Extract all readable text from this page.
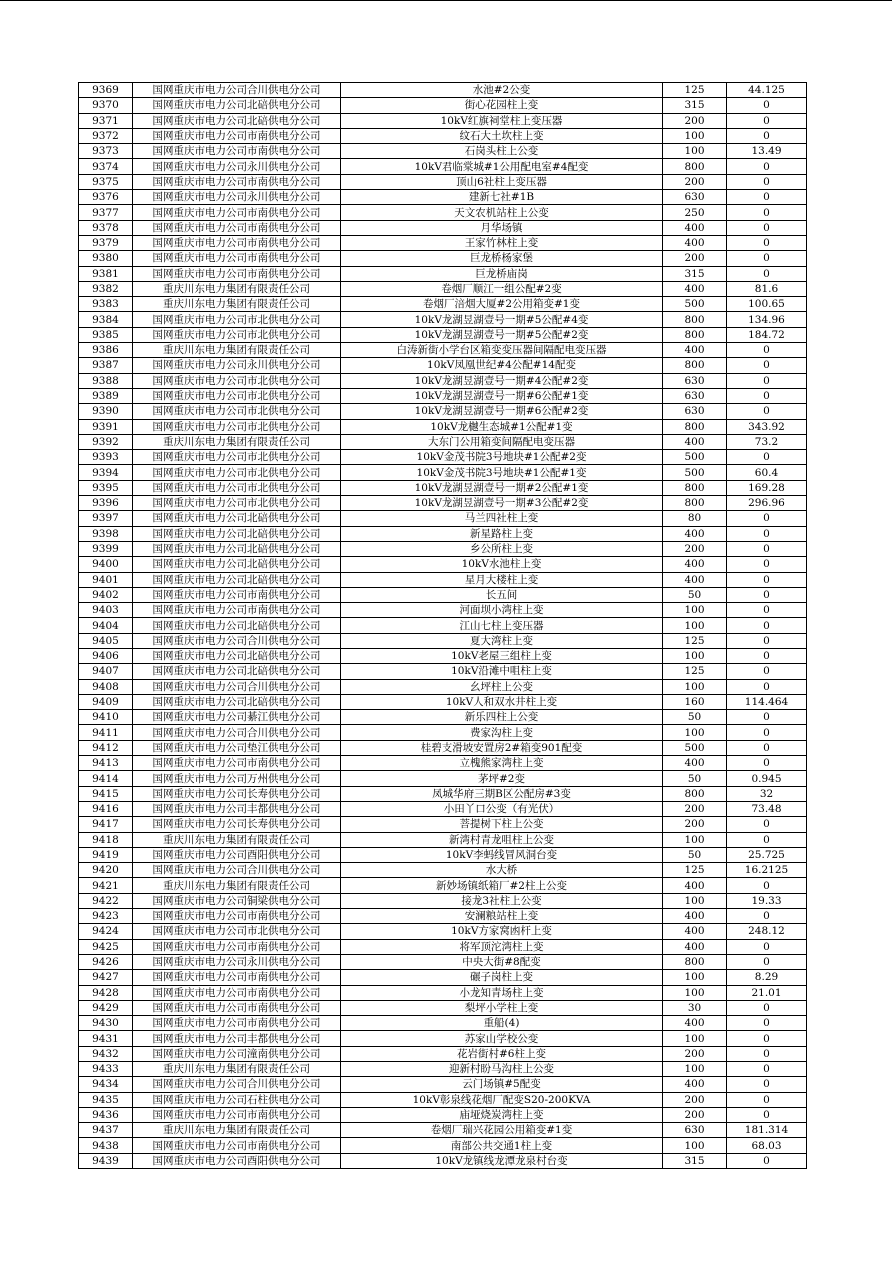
9369	国网重庆市电力公司合川供电分公司	水池#2公变	125	44.125
9370	国网重庆市电力公司北碚供电分公司	街心花园柱上变	315	0
9371	国网重庆市电力公司北碚供电分公司	10kV红旗祠堂柱上变压器	200	0
9372	国网重庆市电力公司市南供电分公司	纹石大土坎柱上变	100	0
9373	国网重庆市电力公司市南供电分公司	石岗头柱上公变	100	13.49
9374	国网重庆市电力公司永川供电分公司	10kV君临棠城#1公用配电室#4配变	800	0
9375	国网重庆市电力公司市南供电分公司	顶山6社柱上变压器	200	0
9376	国网重庆市电力公司永川供电分公司	建新七社#1B	630	0
9377	国网重庆市电力公司市南供电分公司	天文农机站柱上公变	250	0
9378	国网重庆市电力公司市南供电分公司	月华场镇	400	0
9379	国网重庆市电力公司市南供电分公司	王家竹林柱上变	400	0
9380	国网重庆市电力公司市南供电分公司	巨龙桥杨家堡	200	0
9381	国网重庆市电力公司市南供电分公司	巨龙桥庙岗	315	0
9382	重庆川东电力集团有限责任公司	卷烟厂顺江一组公配#2变	400	81.6
9383	重庆川东电力集团有限责任公司	卷烟厂涪烟大厦#2公用箱变#1变	500	100.65
9384	国网重庆市电力公司市北供电分公司	10kV龙湖昱湖壹号一期#5公配#4变	800	134.96
9385	国网重庆市电力公司市北供电分公司	10kV龙湖昱湖壹号一期#5公配#2变	800	184.72
9386	重庆川东电力集团有限责任公司	白涛新街小学台区箱变变压器间隔配电变压器	400	0
9387	国网重庆市电力公司永川供电分公司	10kV凤凰世纪#4公配#14配变	800	0
9388	国网重庆市电力公司市北供电分公司	10kV龙湖昱湖壹号一期#4公配#2变	630	0
9389	国网重庆市电力公司市北供电分公司	10kV龙湖昱湖壹号一期#6公配#1变	630	0
9390	国网重庆市电力公司市北供电分公司	10kV龙湖昱湖壹号一期#6公配#2变	630	0
9391	国网重庆市电力公司市北供电分公司	10kV龙樾生态城#1公配#1变	800	343.92
9392	重庆川东电力集团有限责任公司	大东门公用箱变间隔配电变压器	400	73.2
9393	国网重庆市电力公司市北供电分公司	10kV金茂书院3号地块#1公配#2变	500	0
9394	国网重庆市电力公司市北供电分公司	10kV金茂书院3号地块#1公配#1变	500	60.4
9395	国网重庆市电力公司市北供电分公司	10kV龙湖昱湖壹号一期#2公配#1变	800	169.28
9396	国网重庆市电力公司市北供电分公司	10kV龙湖昱湖壹号一期#3公配#2变	800	296.96
9397	国网重庆市电力公司北碚供电分公司	马兰四社柱上变	80	0
9398	国网重庆市电力公司北碚供电分公司	新星路柱上变	400	0
9399	国网重庆市电力公司北碚供电分公司	乡公所柱上变	200	0
9400	国网重庆市电力公司北碚供电分公司	10kV水池柱上变	400	0
9401	国网重庆市电力公司北碚供电分公司	星月大楼柱上变	400	0
9402	国网重庆市电力公司市南供电分公司	长五间	50	0
9403	国网重庆市电力公司市南供电分公司	河面坝小湾柱上变	100	0
9404	国网重庆市电力公司北碚供电分公司	江山七柱上变压器	100	0
9405	国网重庆市电力公司合川供电分公司	夏大湾柱上变	125	0
9406	国网重庆市电力公司北碚供电分公司	10kV老屋三组柱上变	100	0
9407	国网重庆市电力公司北碚供电分公司	10kV沿滩中咀柱上变	125	0
9408	国网重庆市电力公司合川供电分公司	幺坪柱上公变	100	0
9409	国网重庆市电力公司北碚供电分公司	10kV人和双水井柱上变	160	114.464
9410	国网重庆市电力公司綦江供电分公司	新乐四柱上公变	50	0
9411	国网重庆市电力公司合川供电分公司	费家沟柱上变	100	0
9412	国网重庆市电力公司垫江供电分公司	桂碧支滑坡安置房2#箱变901配变	500	0
9413	国网重庆市电力公司市南供电分公司	立槐熊家湾柱上变	400	0
9414	国网重庆市电力公司万州供电分公司	茅坪#2变	50	0.945
9415	国网重庆市电力公司长寿供电分公司	凤城华府三期B区公配房#3变	800	32
9416	国网重庆市电力公司丰都供电分公司	小田丫口公变（有光伏）	200	73.48
9417	国网重庆市电力公司长寿供电分公司	菩提树下柱上公变	200	0
9418	重庆川东电力集团有限责任公司	新湾村青龙咀柱上公变	100	0
9419	国网重庆市电力公司酉阳供电分公司	10kV李蚂线冒风洞台变	50	25.725
9420	国网重庆市电力公司合川供电分公司	水大桥	125	16.2125
9421	重庆川东电力集团有限责任公司	新妙场镇纸箱厂#2柱上公变	400	0
9422	国网重庆市电力公司铜梁供电分公司	接龙3社柱上公变	100	19.33
9423	国网重庆市电力公司市南供电分公司	安澜粮站柱上变	400	0
9424	国网重庆市电力公司市北供电分公司	10kV方家窝凼杆上变	400	248.12
9425	国网重庆市电力公司市南供电分公司	将军顶沱湾柱上变	400	0
9426	国网重庆市电力公司永川供电分公司	中央大街#8配变	800	0
9427	国网重庆市电力公司市南供电分公司	碾子岗柱上变	100	8.29
9428	国网重庆市电力公司市南供电分公司	小龙知青场柱上变	100	21.01
9429	国网重庆市电力公司市南供电分公司	梨坪小学柱上变	30	0
9430	国网重庆市电力公司市南供电分公司	重船(4)	400	0
9431	国网重庆市电力公司丰都供电分公司	苏家山学校公变	100	0
9432	国网重庆市电力公司潼南供电分公司	花岩街村#6柱上变	200	0
9433	重庆川东电力集团有限责任公司	迎新村盼马沟柱上公变	100	0
9434	国网重庆市电力公司合川供电分公司	云门场镇#5配变	400	0
9435	国网重庆市电力公司石柱供电分公司	10kV彰泉线花烟厂配变S20-200KVA	200	0
9436	国网重庆市电力公司市南供电分公司	庙垭烧炭湾柱上变	200	0
9437	重庆川东电力集团有限责任公司	卷烟厂瑞兴花园公用箱变#1变	630	181.314
9438	国网重庆市电力公司市南供电分公司	南部公共交通1柱上变	100	68.03
9439	国网重庆市电力公司酉阳供电分公司	10kV龙镇线龙潭龙泉村台变	315	0
